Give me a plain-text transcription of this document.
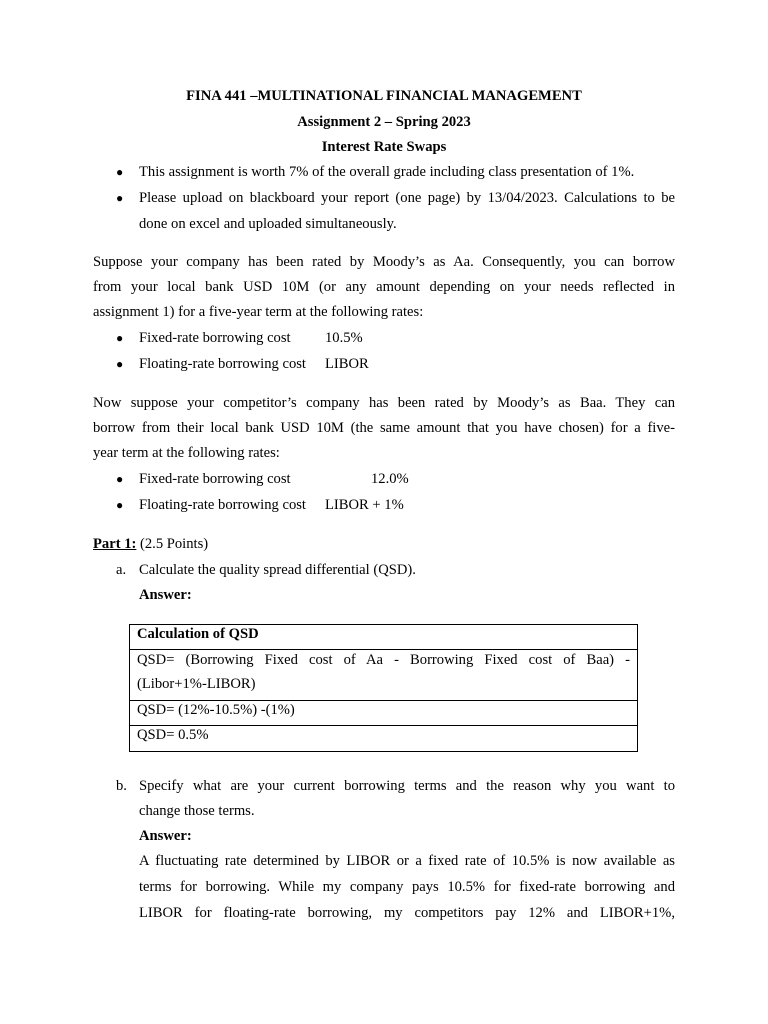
FINA 441 –MULTINATIONAL FINANCIAL MANAGEMENT
Assignment 2 – Spring 2023
Interest Rate Swaps
● This assignment is worth 7% of the overall grade including class presentation of 1%.
● Please upload on blackboard your report (one page) by 13/04/2023. Calculations to be
done on excel and uploaded simultaneously.
Suppose your company has been rated by Moody’s as Aa. Consequently, you can borrow
from your local bank USD 10M (or any amount depending on your needs reflected in
assignment 1) for a five-year term at the following rates:
● Fixed-rate borrowing cost 10.5%
● Floating-rate borrowing cost LIBOR
Now suppose your competitor’s company has been rated by Moody’s as Baa. They can
borrow from their local bank USD 10M (the same amount that you have chosen) for a five-
year term at the following rates:
● Fixed-rate borrowing cost	12.0%
● Floating-rate borrowing cost LIBOR + 1%
Part 1: (2.5 Points)
a. Calculate the quality spread differential (QSD).
Answer:
Calculation of QSD
QSD= (Borrowing Fixed cost of Aa - Borrowing Fixed cost of Baa) -
(Libor+1%-LIBOR)
QSD= (12%-10.5%) -(1%)
QSD= 0.5%
b. Specify what are your current borrowing terms and the reason why you want to
change those terms.
Answer:
A fluctuating rate determined by LIBOR or a fixed rate of 10.5% is now available as
terms for borrowing. While my company pays 10.5% for fixed-rate borrowing and
LIBOR for floating-rate borrowing, my competitors pay 12% and LIBOR+1%,
